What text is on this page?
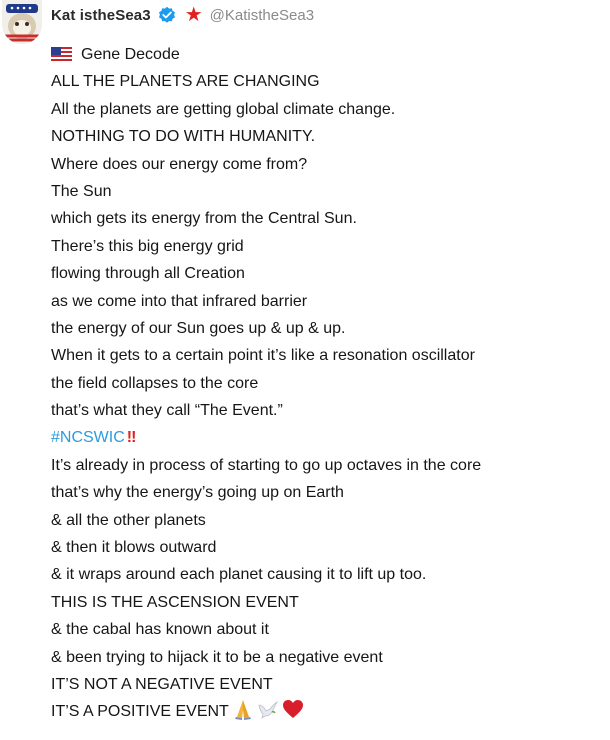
Kat istheSea3 ★ @KatistheSea3
Gene Decode
ALL THE PLANETS ARE CHANGING
All the planets are getting global climate change.
NOTHING TO DO WITH HUMANITY.
Where does our energy come from?
The Sun
which gets its energy from the Central Sun.
There’s this big energy grid
flowing through all Creation
as we come into that infrared barrier
the energy of our Sun goes up & up & up.
When it gets to a certain point it’s like a resonation oscillator
the field collapses to the core
that’s what they call “The Event.”
#NCSWIC ‼
It’s already in process of starting to go up octaves in the core
that’s why the energy’s going up on Earth
& all the other planets
& then it blows outward
& it wraps around each planet causing it to lift up too.
THIS IS THE ASCENSION EVENT
& the cabal has known about it
& been trying to hijack it to be a negative event
IT’S NOT A NEGATIVE EVENT
IT’S A POSITIVE EVENT
